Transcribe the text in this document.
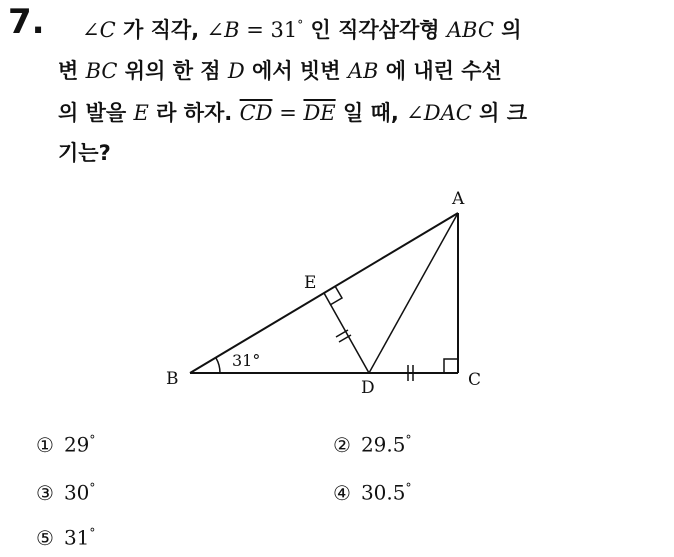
7. ∠C 가 직각, ∠B = 31° 인 직각삼각형 ABC 의
변 BC 위의 한 점 D 에서 빗변 AB 에 내린 수선
의 발을 E 라 하자. $\overline{CD} = \overline{DE}$ 일 때, ∠DAC 의 크
기는?
A
B	C
D
E
31°
① 29°	② 29.5°
③ 30°	④ 30.5°
⑤ 31°
